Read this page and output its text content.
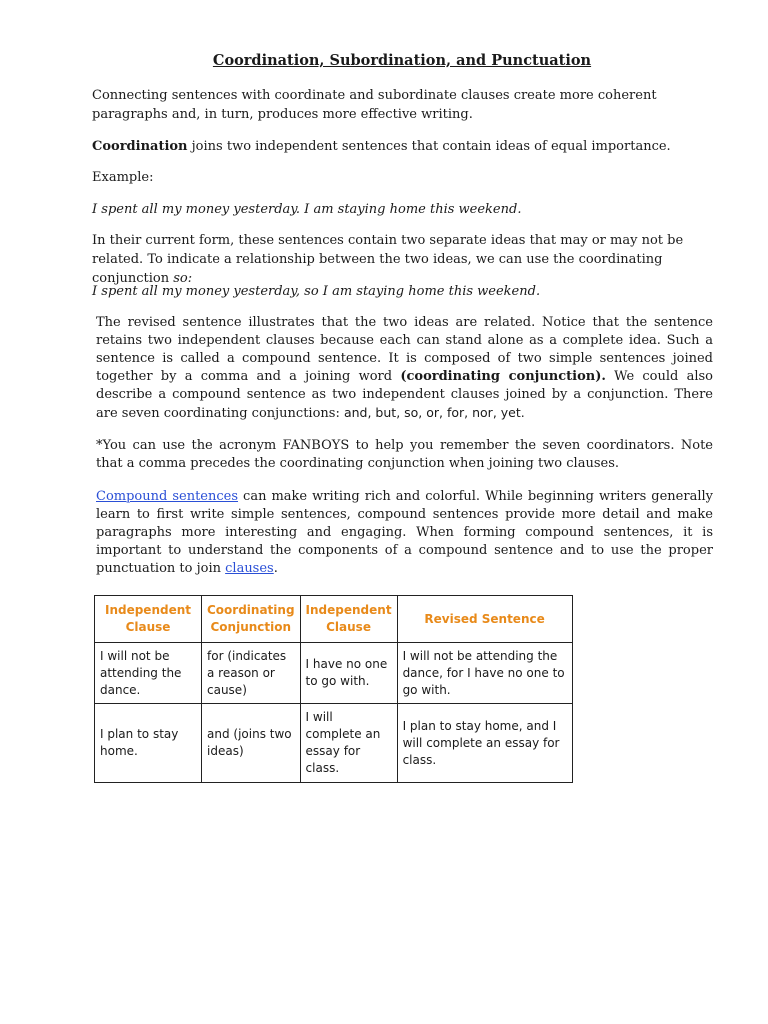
Coordination, Subordination, and Punctuation

Connecting sentences with coordinate and subordinate clauses create more coherent paragraphs and, in turn, produces more effective writing.

Coordination joins two independent sentences that contain ideas of equal importance.

Example:

I spent all my money yesterday. I am staying home this weekend.

In their current form, these sentences contain two separate ideas that may or may not be related. To indicate a relationship between the two ideas, we can use the coordinating conjunction so:

I spent all my money yesterday, so I am staying home this weekend.

The revised sentence illustrates that the two ideas are related. Notice that the sentence retains two independent clauses because each can stand alone as a complete idea. Such a sentence is called a compound sentence. It is composed of two simple sentences joined together by a comma and a joining word (coordinating conjunction). We could also describe a compound sentence as two independent clauses joined by a conjunction. There are seven coordinating conjunctions: and, but, so, or, for, nor, yet.

*You can use the acronym FANBOYS to help you remember the seven coordinators. Note that a comma precedes the coordinating conjunction when joining two clauses.

Compound sentences can make writing rich and colorful. While beginning writers generally learn to first write simple sentences, compound sentences provide more detail and make paragraphs more interesting and engaging. When forming compound sentences, it is important to understand the components of a compound sentence and to use the proper punctuation to join clauses.

Independent Clause	Coordinating Conjunction	Independent Clause	Revised Sentence
I will not be attending the dance.	for (indicates a reason or cause)	I have no one to go with.	I will not be attending the dance, for I have no one to go with.
I plan to stay home.	and (joins two ideas)	I will complete an essay for class.	I plan to stay home, and I will complete an essay for class.
